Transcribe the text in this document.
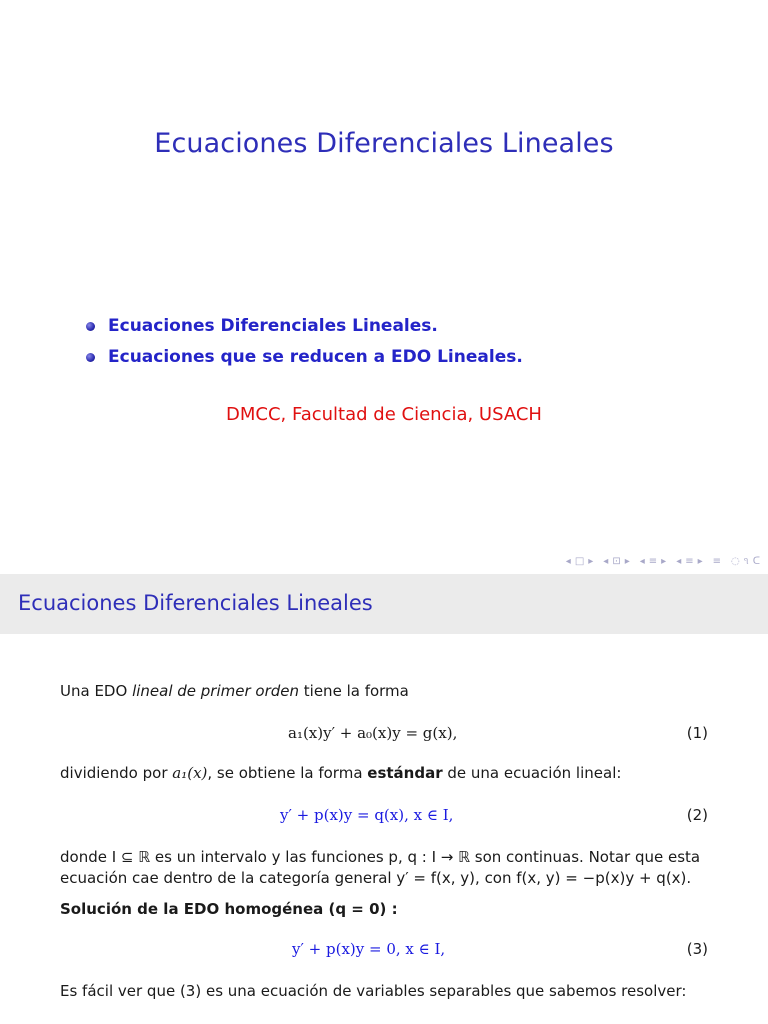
Ecuaciones Diferenciales Lineales
Ecuaciones Diferenciales Lineales.
Ecuaciones que se reducen a EDO Lineales.
DMCC, Facultad de Ciencia, USACH
◂ □ ▸ ◂ ⊡ ▸ ◂ ≡ ▸ ◂ ≡ ▸ ≡ ◌ ૧ ᑕ
Ecuaciones Diferenciales Lineales
Una EDO lineal de primer orden tiene la forma
a₁(x)y′ + a₀(x)y = g(x),	(1)
dividiendo por a₁(x), se obtiene la forma estándar de una ecuación lineal:
y′ + p(x)y = q(x), x ∈ I,	(2)
donde I ⊆ ℝ es un intervalo y las funciones p, q : I → ℝ son continuas. Notar que esta
ecuación cae dentro de la categoría general y′ = f(x, y), con f(x, y) = −p(x)y + q(x).
Solución de la EDO homogénea (q = 0) :
y′ + p(x)y = 0, x ∈ I,	(3)
Es fácil ver que (3) es una ecuación de variables separables que sabemos resolver:
